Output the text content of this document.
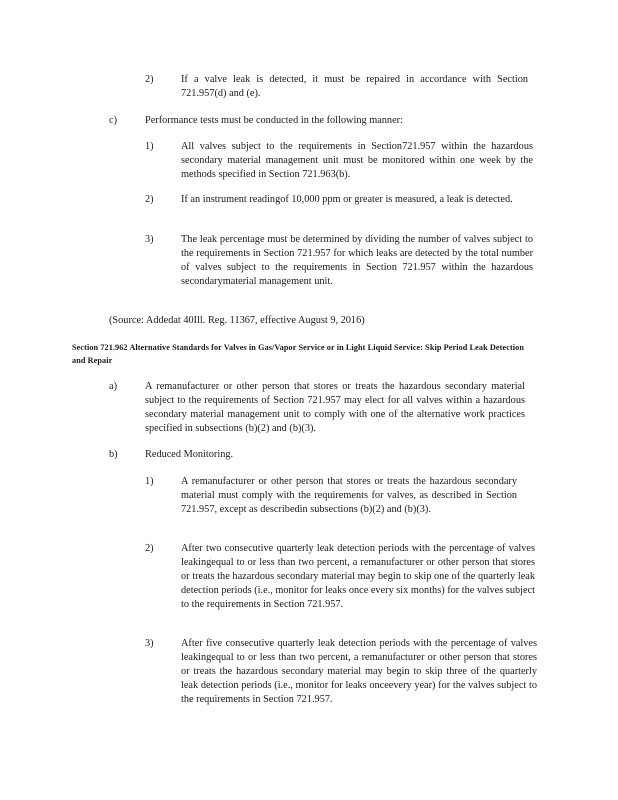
2)	If a valve leak is detected, it must be repaired in accordance with Section 721.957(d) and (e).
c)	Performance tests must be conducted in the following manner:
1)	All valves subject to the requirements in Section721.957 within the hazardous secondary material management unit must be monitored within one week by the methods specified in Section 721.963(b).
2)	If an instrument readingof 10,000 ppm or greater is measured, a leak is detected.
3)	The leak percentage must be determined by dividing the number of valves subject to the requirements in Section 721.957 for which leaks are detected by the total number of valves subject to the requirements in Section 721.957 within the hazardous secondarymaterial management unit.
(Source: Addedat 40Ill. Reg. 11367, effective August 9, 2016)
Section 721.962 Alternative Standards for Valves in Gas/Vapor Service or in Light Liquid Service: Skip Period Leak Detection and Repair
a)	A remanufacturer or other person that stores or treats the hazardous secondary material subject to the requirements of Section 721.957 may elect for all valves within a hazardous secondary material management unit to comply with one of the alternative work practices specified in subsections (b)(2) and (b)(3).
b)	Reduced Monitoring.
1)	A remanufacturer or other person that stores or treats the hazardous secondary material must comply with the requirements for valves, as described in Section 721.957, except as describedin subsections (b)(2) and (b)(3).
2)	After two consecutive quarterly leak detection periods with the percentage of valves leakingequal to or less than two percent, a remanufacturer or other person that stores or treats the hazardous secondary material may begin to skip one of the quarterly leak detection periods (i.e., monitor for leaks once every six months) for the valves subject to the requirements in Section 721.957.
3)	After five consecutive quarterly leak detection periods with the percentage of valves leakingequal to or less than two percent, a remanufacturer or other person that stores or treats the hazardous secondary material may begin to skip three of the quarterly leak detection periods (i.e., monitor for leaks onceevery year) for the valves subject to the requirements in Section 721.957.
